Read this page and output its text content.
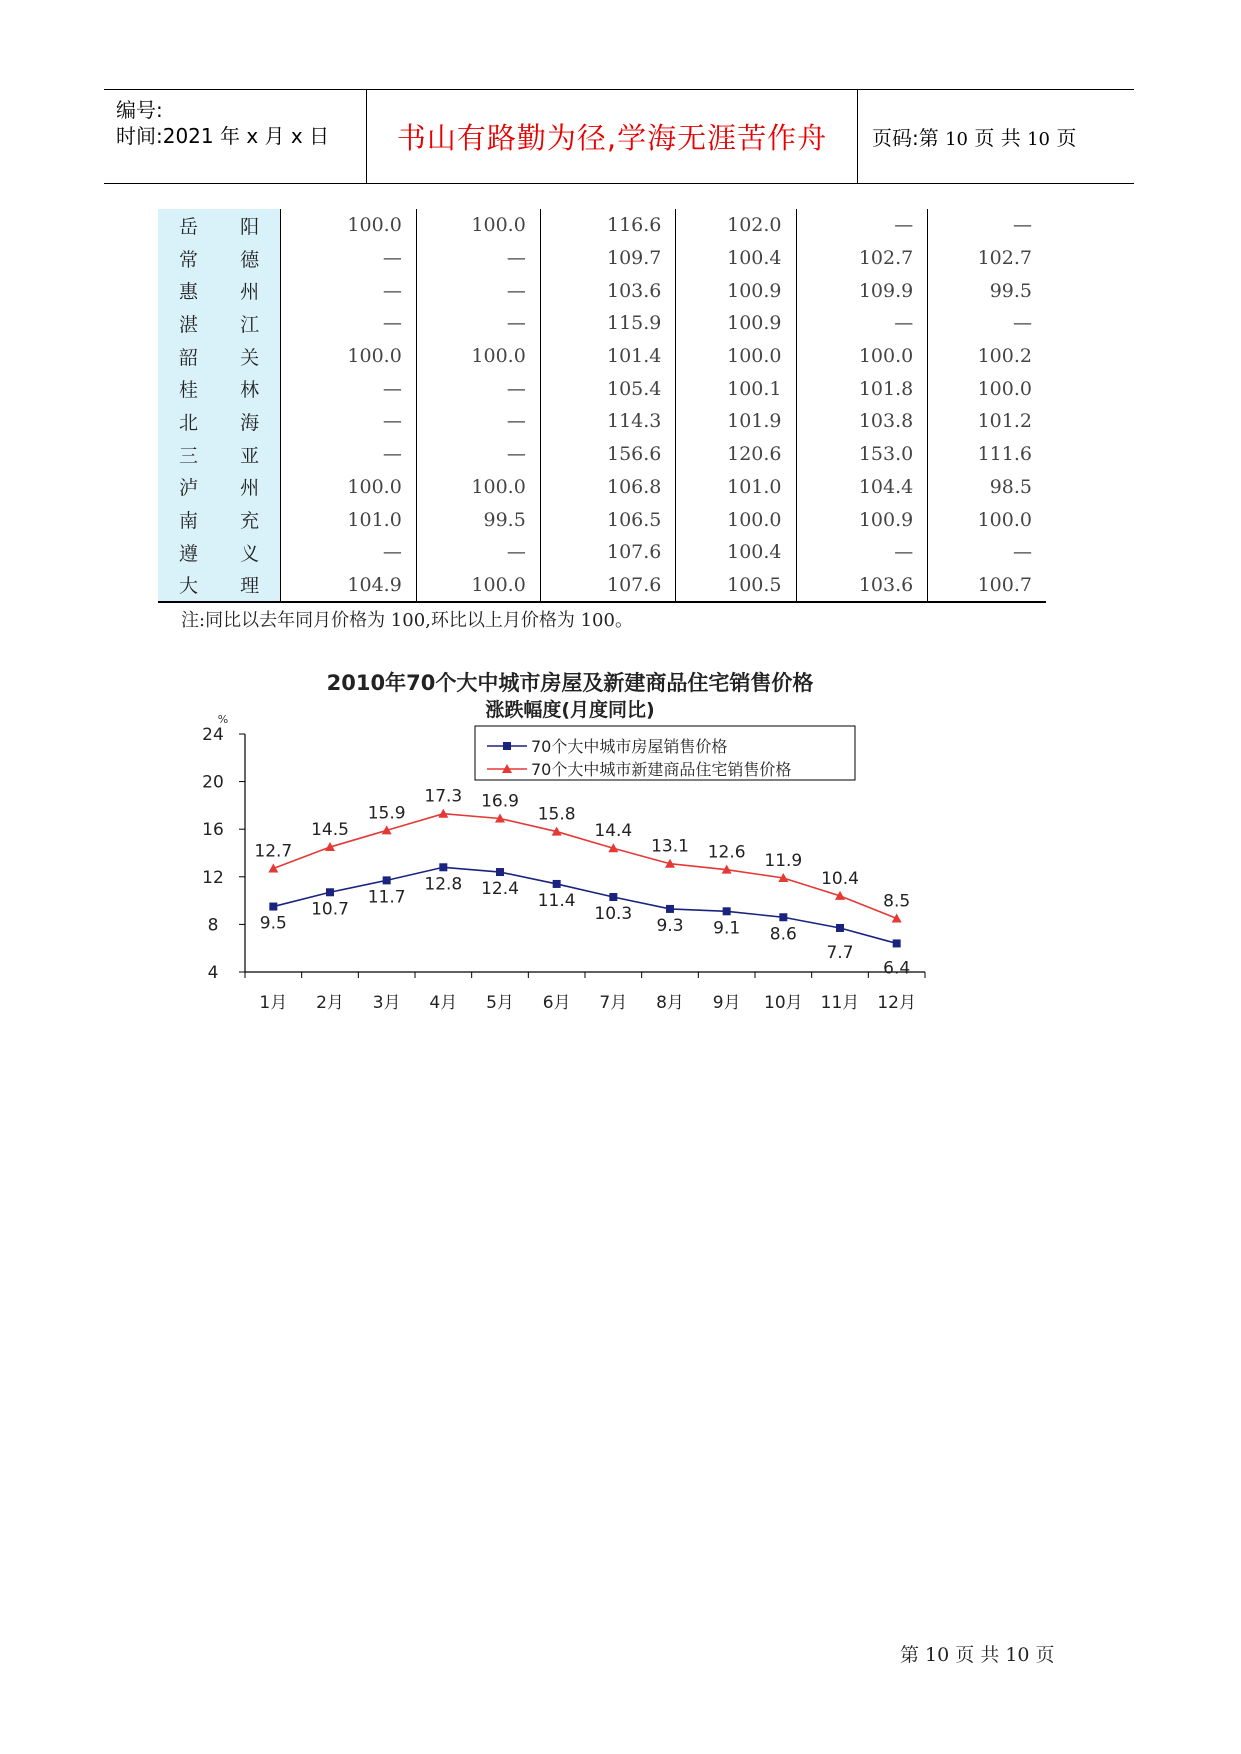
编号:
时间:2021 年 x 月 x 日 书山有路勤为径,学海无涯苦作舟	页码:第 10 页 共 10 页
岳 阳	100.0	100.0	116.6	102.0	—	—
常 德	—	—	109.7	100.4	102.7	102.7
惠 州	—	—	103.6	100.9	109.9	99.5
湛 江	—	—	115.9	100.9	—	—
韶 关	100.0	100.0	101.4	100.0	100.0	100.2
桂 林	—	—	105.4	100.1	101.8	100.0
北 海	—	—	114.3	101.9	103.8	101.2
三 亚	—	—	156.6	120.6	153.0	111.6
泸 州	100.0	100.0	106.8	101.0	104.4	98.5
南 充	101.0	99.5	106.5	100.0	100.9	100.0
遵 义	—	—	107.6	100.4	—	—
大 理	104.9	100.0	107.6	100.5	103.6	100.7
注:同比以去年同月价格为 100,环比以上月价格为 100。
2010年70个大中城市房屋及新建商品住宅销售价格
涨跌幅度(月度同比)
%
24
20
16
12
8
4
1月 2月 3月 4月 5月 6月 7月 8月 9月 10月 11月 12月
9.5
10.7
11.7
12.8 12.4
11.4
10.3
9.3 9.1 8.6
7.7
6.4
12.7
14.5
15.9
17.3 16.9
15.8
14.4
13.1 12.6 11.9
10.4
8.5
70个大中城市房屋销售价格
70个大中城市新建商品住宅销售价格
第 10 页 共 10 页
